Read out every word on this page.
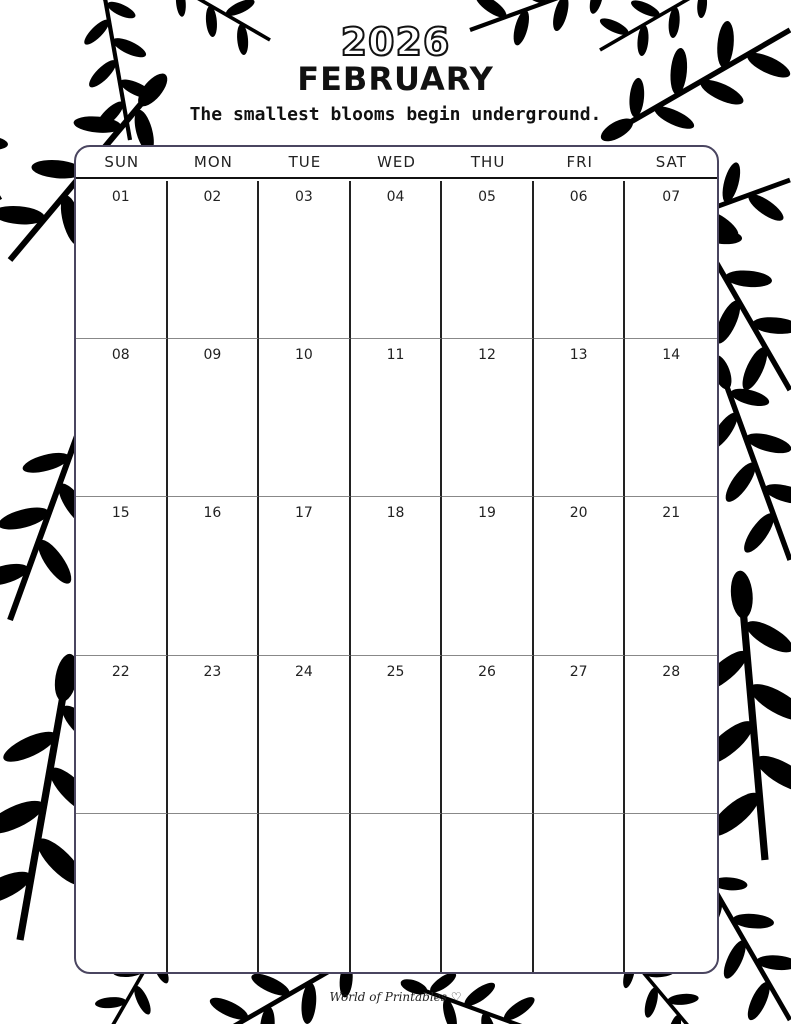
2026
FEBRUARY
The smallest blooms begin underground.
SUN	MON	TUE	WED	THU	FRI	SAT
01	02	03	04	05	06	07
08	09	10	11	12	13	14
15	16	17	18	19	20	21
22	23	24	25	26	27	28
World of Printables ♡
